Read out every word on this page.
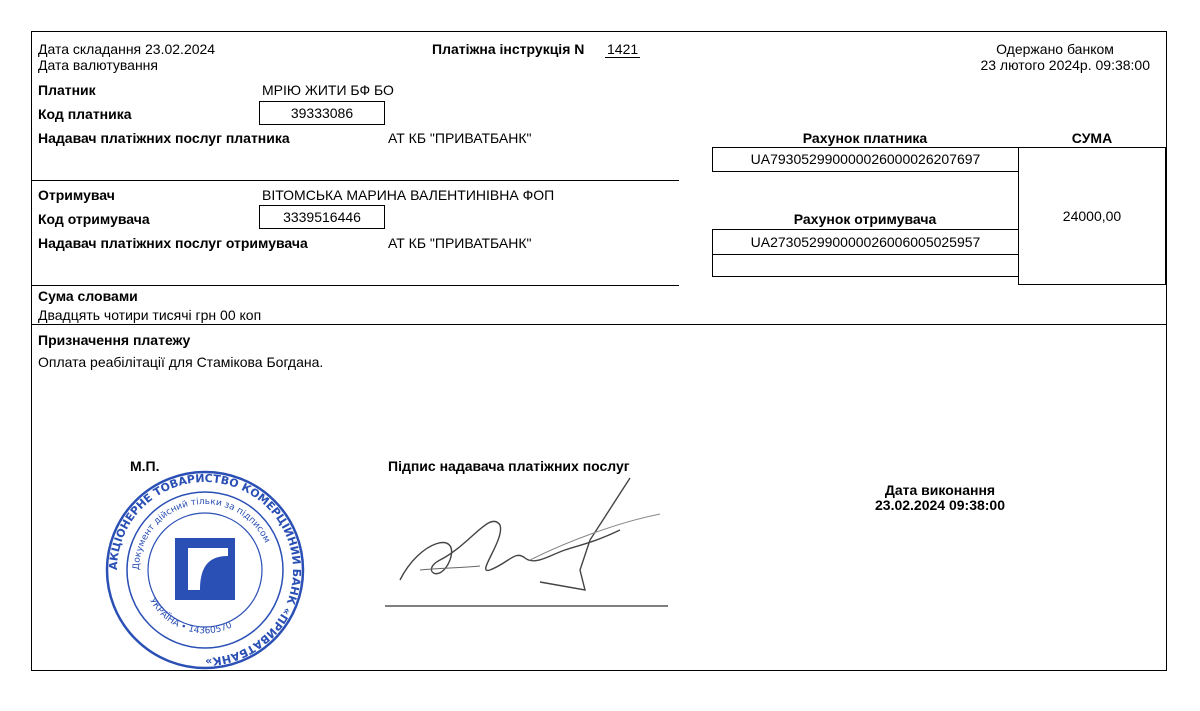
Дата складання 23.02.2024
Дата валютування
Платіжна інструкція N 1421	Одержано банком
23 лютого 2024р. 09:38:00
Платник	МРІЮ ЖИТИ БФ БО
Код платника	39333086
Надавач платіжних послуг платника	АТ КБ "ПРИВАТБАНК"	Рахунок платника
UA793052990000026000026207697
СУМА
24000,00
Отримувач	ВІТОМСЬКА МАРИНА ВАЛЕНТИНІВНА ФОП
Код отримувача	3339516446
Надавач платіжних послуг отримувача	АТ КБ "ПРИВАТБАНК"
Рахунок отримувача
UA273052990000026006005025957
Сума словами
Двадцять чотири тисячі грн 00 коп
Призначення платежу
Оплата реабілітації для Стамікова Богдана.
М.П.	Підпис надавача платіжних послуг
Дата виконання
23.02.2024 09:38:00
АКЦІОНЕРНЕ ТОВАРИСТВО КОМЕРЦІЙНИЙ БАНК «ПРИВАТБАНК»
Документ дійсний тільки за підписом
УКРАЇНА • 14360570
